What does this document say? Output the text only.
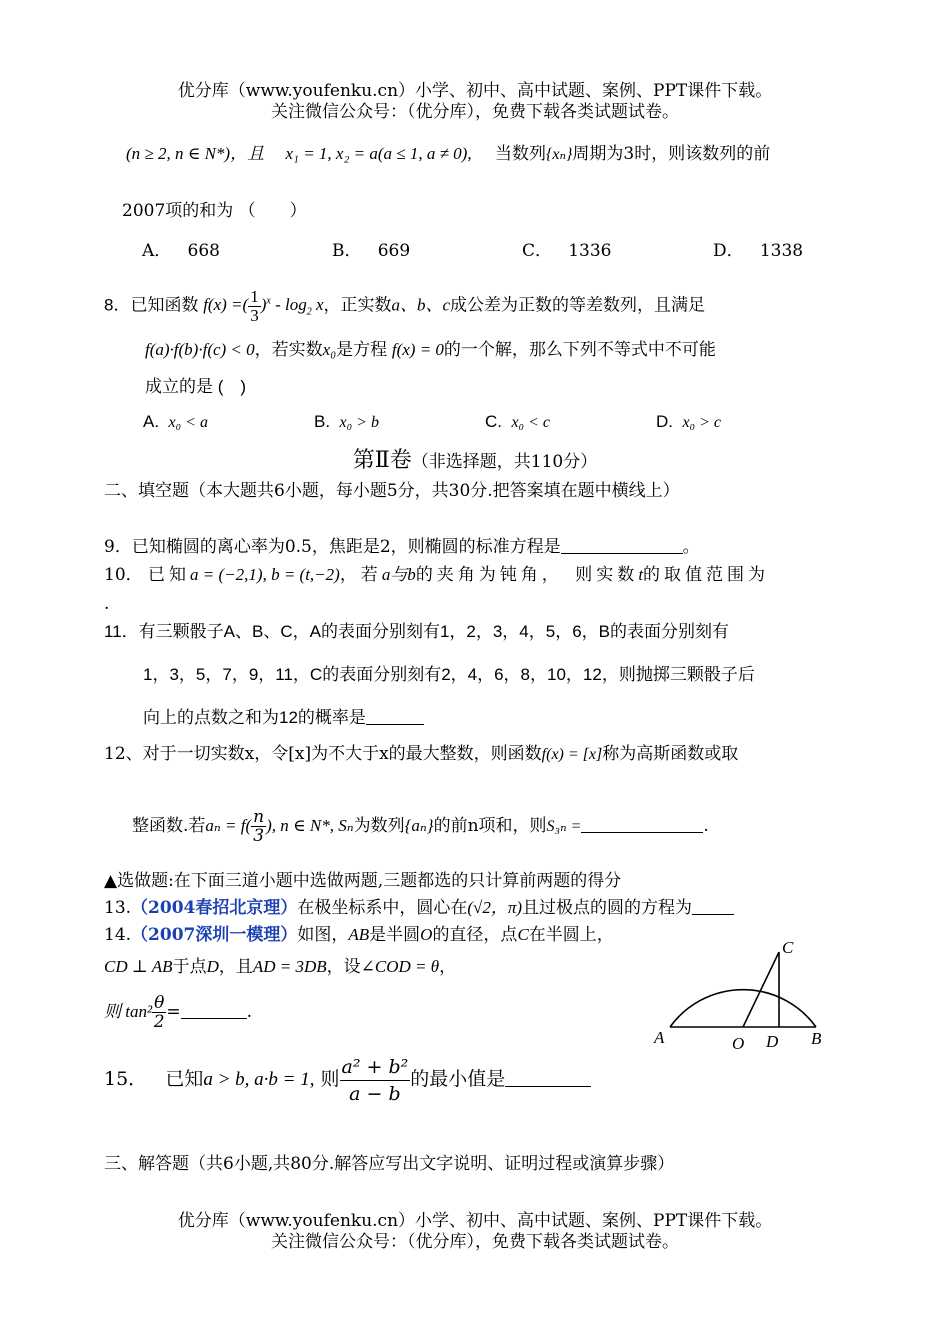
优分库（www.youfenku.cn）小学、初中、高中试题、案例、PPT课件下载。
关注微信公众号：（优分库），免费下载各类试题试卷。
(n ≥ 2, n ∈ N*)，且 x₁ = 1, x₂ = a(a ≤ 1, a ≠ 0), 当数列{xₙ}周期为3时，则该数列的前
2007项的和为 （　　）
A． 668	B． 669	C． 1336	D． 1338
8．已知函数 f(x) =( $\frac{1}{3} )^x - \log_2 x$，正实数a、b、c成公差为正数的等差数列，且满足
f(a)·f(b)·f(c) < 0，若实数x₀是方程 f(x) = 0的一个解，那么下列不等式中不可能
成立的是 (　)
A. x₀ < a	B. x₀ > b	C. x₀ < c	D. x₀ > c
第Ⅱ卷（非选择题，共110分）
二、填空题（本大题共6小题，每小题5分，共30分.把答案填在题中横线上）
9．已知椭圆的离心率为0.5，焦距是2，则椭圆的标准方程是	。
10． 已知a = (−2,1), b = (t,−2)，若a与b的夹角为钝角，　则实数t的取值范围为
.
11．有三颗骰子A、B、C，A的表面分别刻有1，2，3，4，5，6，B的表面分别刻有
1，3，5，7，9，11，C的表面分别刻有2，4，6，8，10，12，则抛掷三颗骰子后
向上的点数之和为12的概率是
12、对于一切实数x，令[x]为不大于x的最大整数，则函数f(x) = [x]称为高斯函数或取
整函数.若$a_n = f( \frac{n}{3}$ ), n ∈ N*, Sₙ为数列{aₙ}的前n项和，则S₃ₙ =	.
▲选做题:在下面三道小题中选做两题,三题都选的只计算前两题的得分
13.（2004春招北京理）在极坐标系中，圆心在(√2，π)且过极点的圆的方程为
14.（2007深圳一模理）如图，AB是半圆O的直径，点C在半圆上，
CD ⊥ AB于点D，且AD = 3DB，设∠COD = θ，
则 $\tan^2 \frac{\theta}{2}$ =	.
A	O D B
C
15． 已知a > b, a·b = 1, 则 $\frac{\text{a² + b²}}{a - b}$ 的最小值是
三、解答题（共6小题,共80分.解答应写出文字说明、证明过程或演算步骤）
优分库（www.youfenku.cn）小学、初中、高中试题、案例、PPT课件下载。
关注微信公众号：（优分库），免费下载各类试题试卷。
